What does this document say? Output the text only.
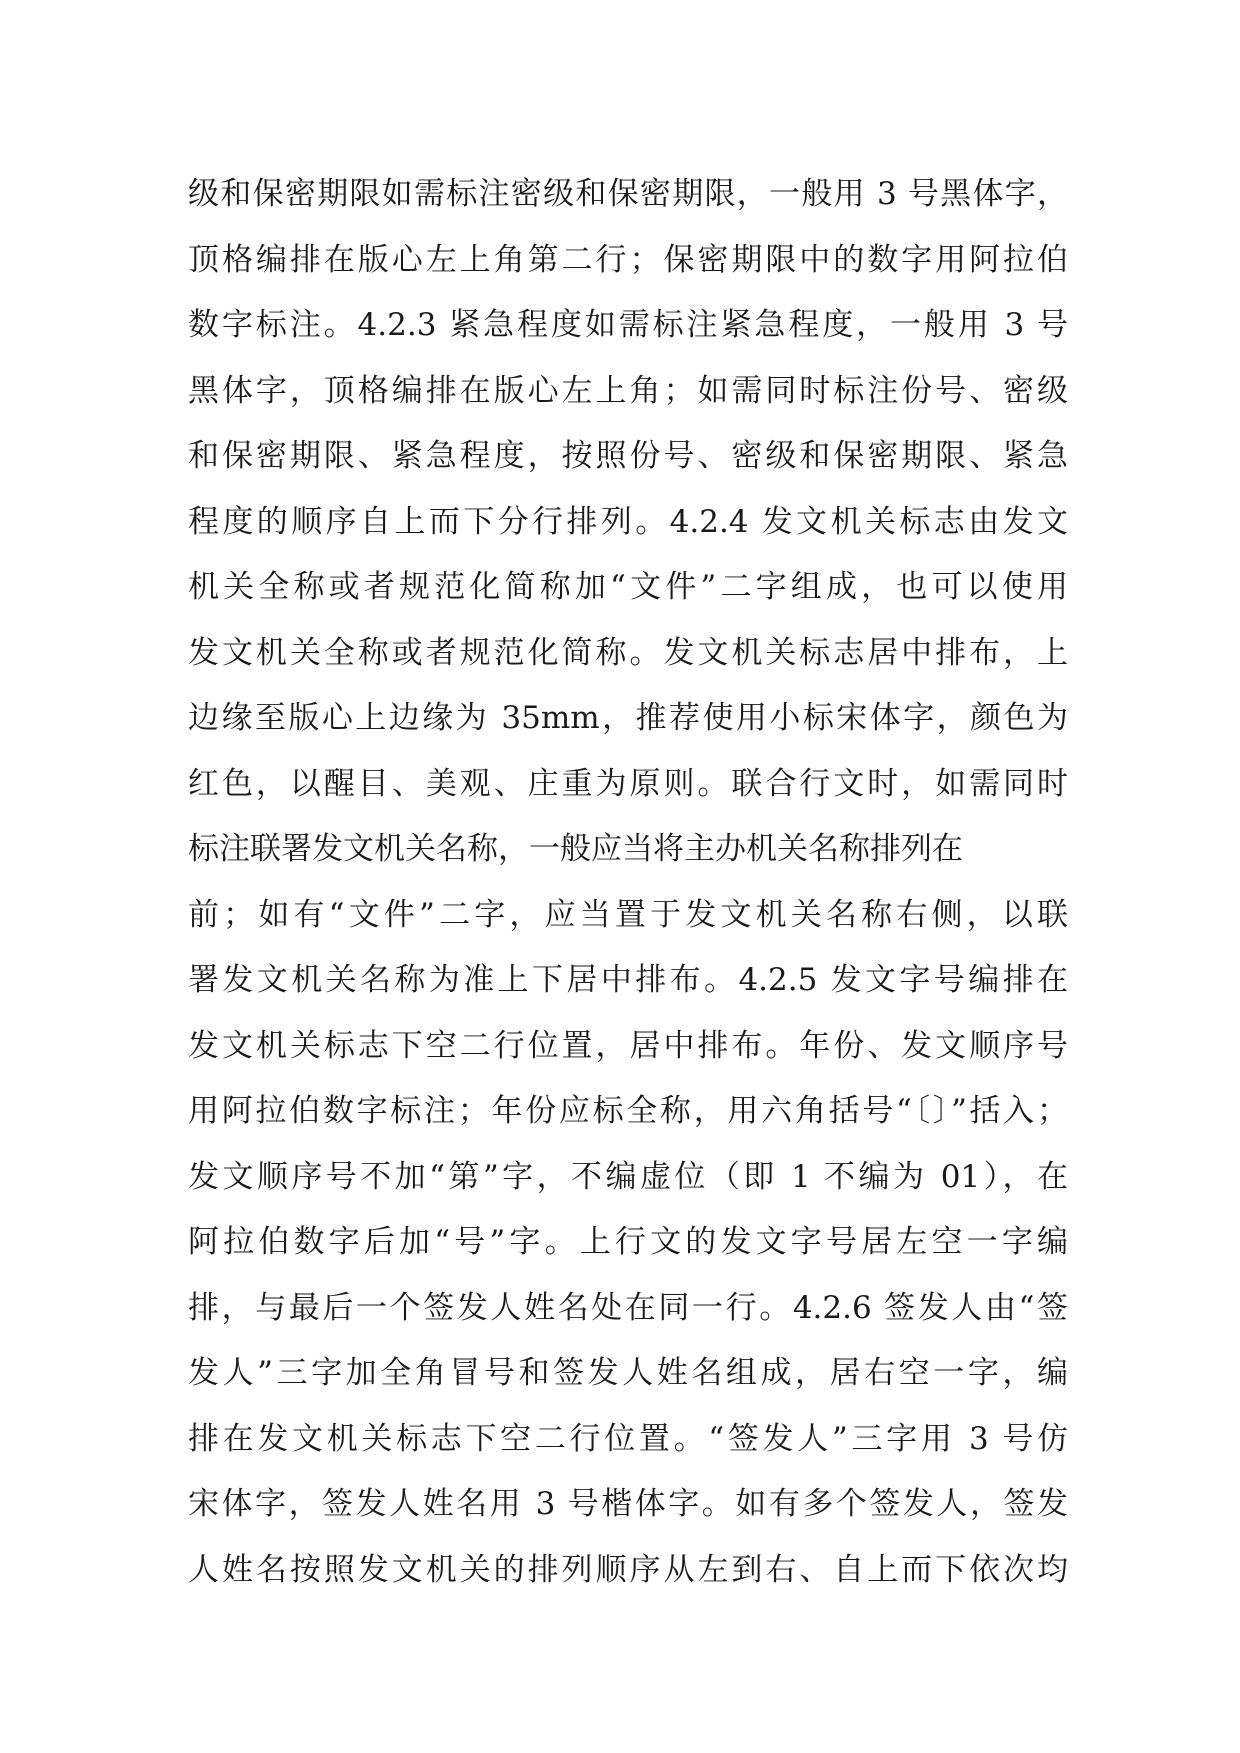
级和保密期限如需标注密级和保密期限，一般用 3 号黑体字，
顶格编排在版心左上角第二行；保密期限中的数字用阿拉伯
数字标注。4.2.3 紧急程度如需标注紧急程度，一般用 3 号
黑体字，顶格编排在版心左上角；如需同时标注份号、密级
和保密期限、紧急程度，按照份号、密级和保密期限、紧急
程度的顺序自上而下分行排列。4.2.4 发文机关标志由发文
机关全称或者规范化简称加“文件”二字组成，也可以使用
发文机关全称或者规范化简称。发文机关标志居中排布，上
边缘至版心上边缘为 35mm，推荐使用小标宋体字，颜色为
红色，以醒目、美观、庄重为原则。联合行文时，如需同时
标注联署发文机关名称，一般应当将主办机关名称排列在
前；如有“文件”二字，应当置于发文机关名称右侧，以联
署发文机关名称为准上下居中排布。4.2.5 发文字号编排在
发文机关标志下空二行位置，居中排布。年份、发文顺序号
用阿拉伯数字标注；年份应标全称，用六角括号“〔〕”括入；
发文顺序号不加“第”字，不编虚位（即 1 不编为 01），在
阿拉伯数字后加“号”字。上行文的发文字号居左空一字编
排，与最后一个签发人姓名处在同一行。4.2.6 签发人由“签
发人”三字加全角冒号和签发人姓名组成，居右空一字，编
排在发文机关标志下空二行位置。“签发人”三字用 3 号仿
宋体字，签发人姓名用 3 号楷体字。如有多个签发人，签发
人姓名按照发文机关的排列顺序从左到右、自上而下依次均
